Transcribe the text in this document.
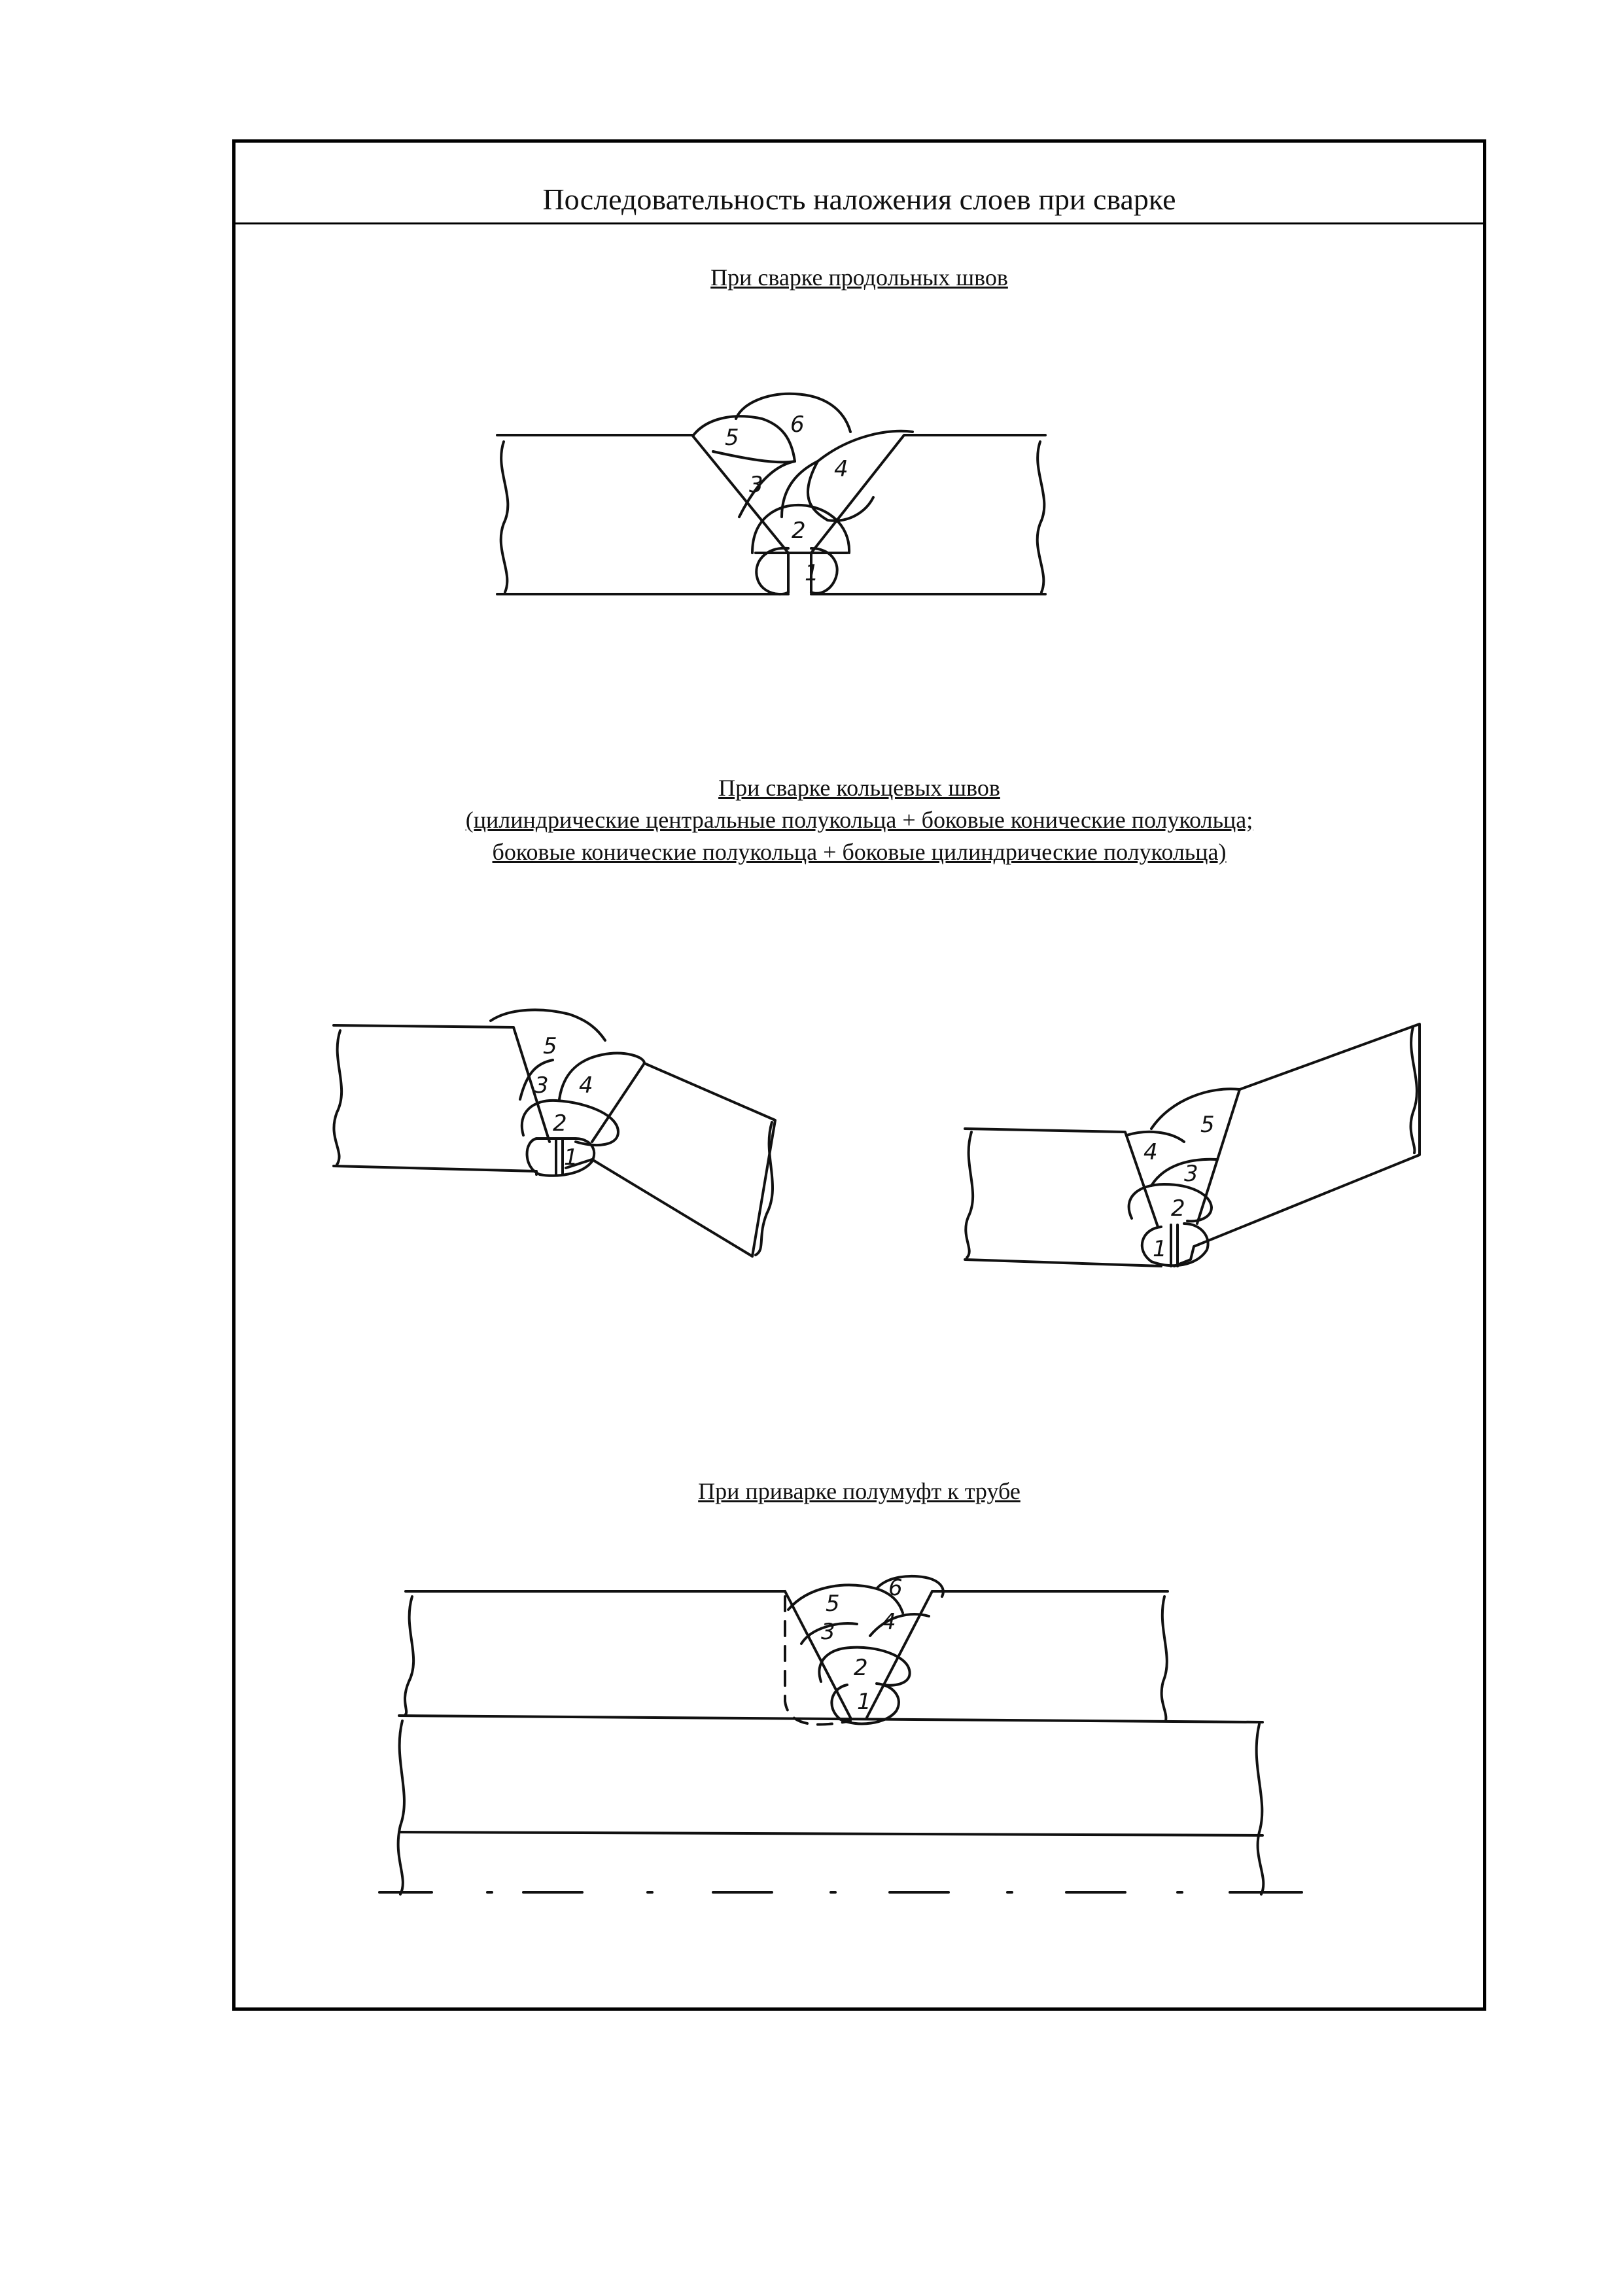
Последовательность наложения слоев при сварке
При сварке продольных швов
При сварке кольцевых швов
(цилиндрические центральные полукольца + боковые конические полукольца;
боковые конические полукольца + боковые цилиндрические полукольца)
При приварке полумуфт к трубе
1
2
3
4
5 6
1
2
3 4
5
1
2
3
4
5
1
2
3 4
5
6
